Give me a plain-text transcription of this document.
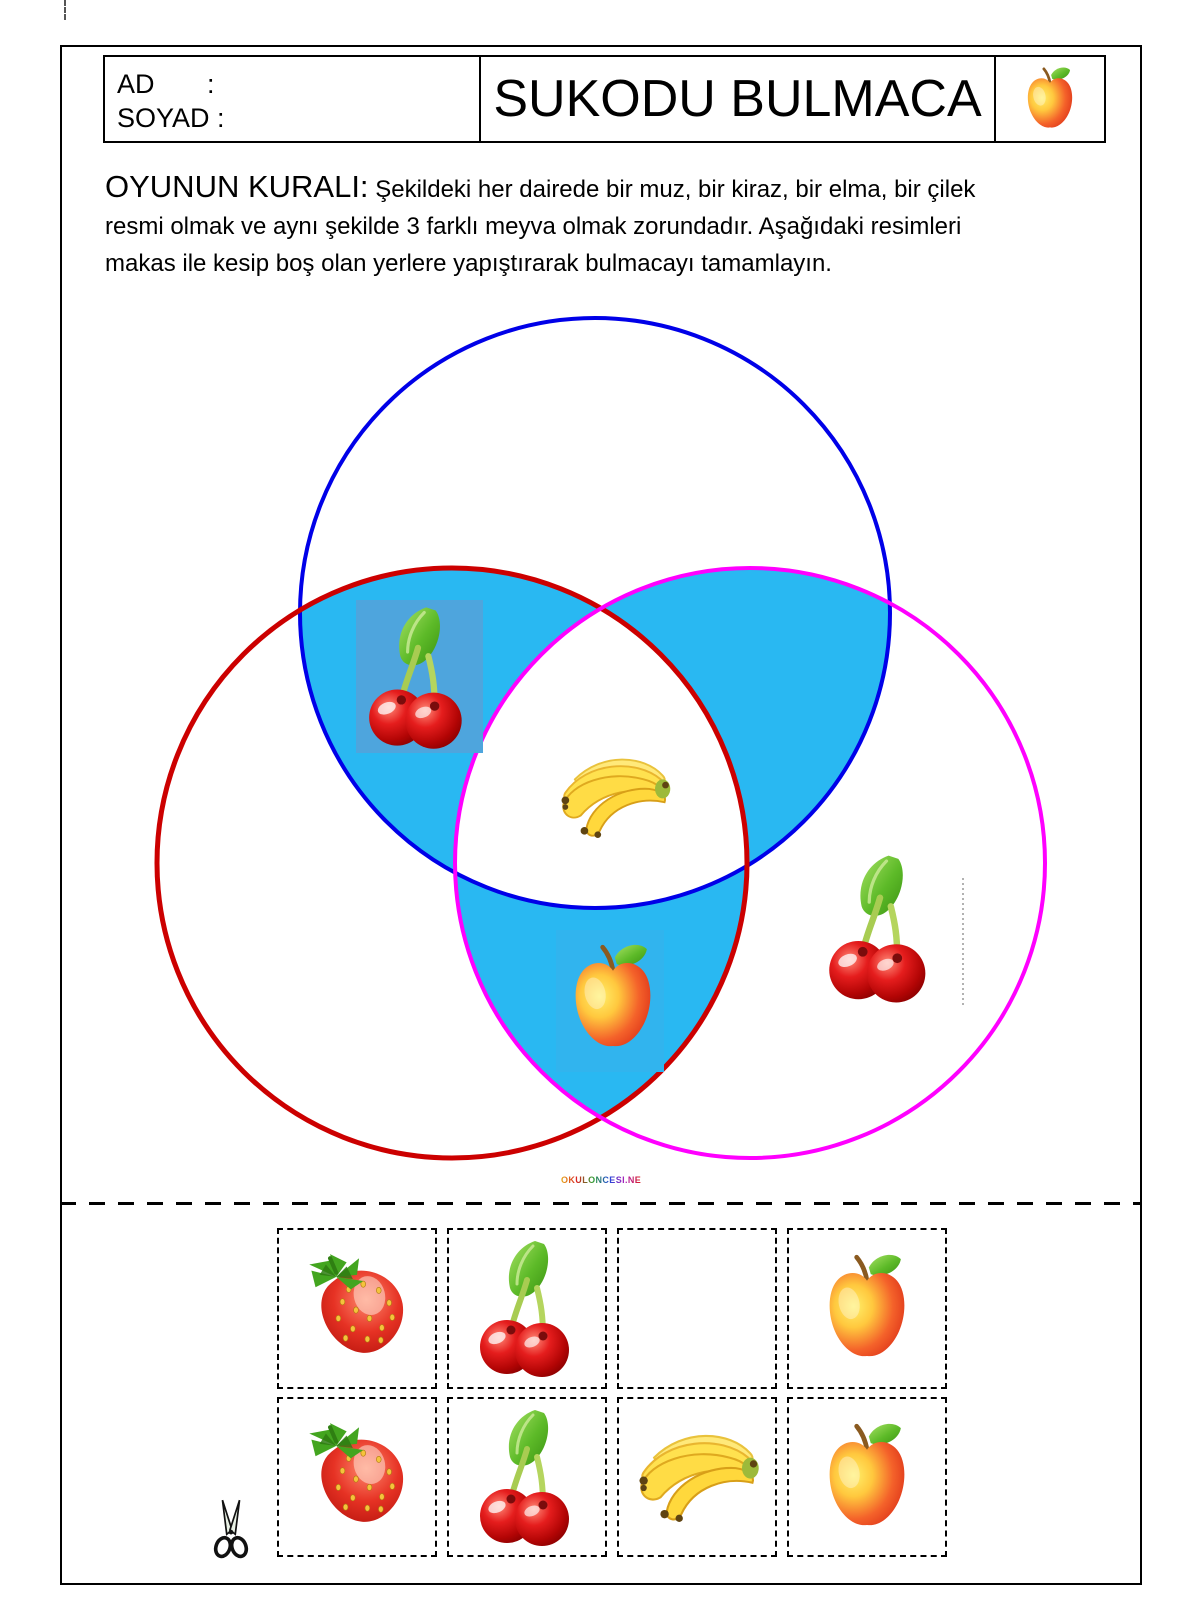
AD       :
SOYAD :	SUKODU BULMACA
OYUNUN KURALI: Şekildeki her dairede bir muz, bir kiraz, bir elma, bir çilek resmi olmak ve aynı şekilde 3 farklı meyva olmak zorundadır. Aşağıdaki resimleri makas ile kesip boş olan yerlere yapıştırarak bulmacayı tamamlayın.
OKULONCESI.NET
